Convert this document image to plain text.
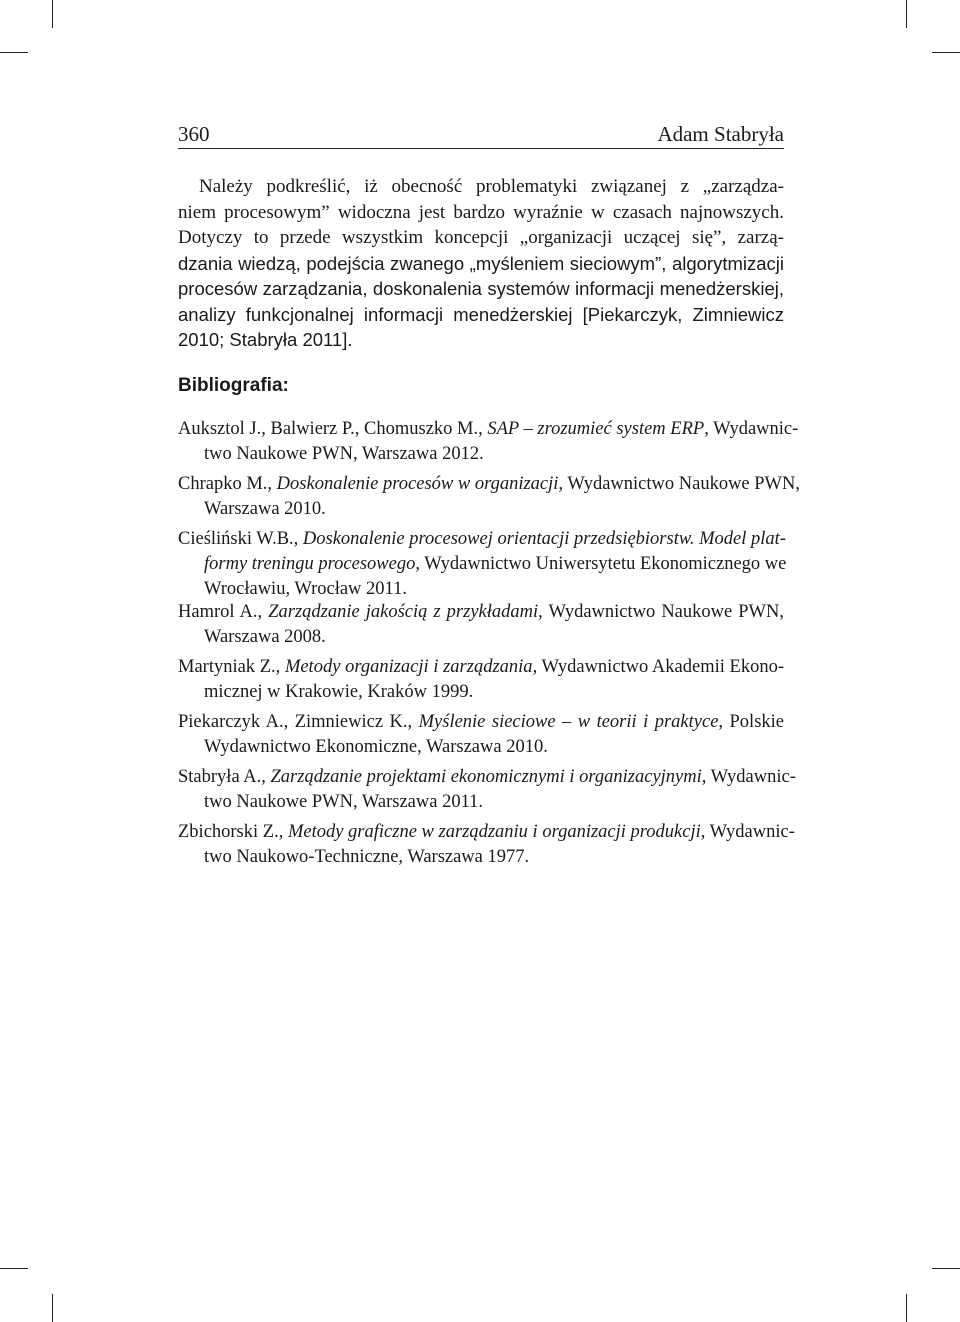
360	Adam Stabryła
Należy podkreślić, iż obecność problematyki związanej z „zarządza-
niem procesowym” widoczna jest bardzo wyraźnie w czasach najnowszych.
Dotyczy to przede wszystkim koncepcji „organizacji uczącej się”, zarzą-
dzania wiedzą, podejścia zwanego „myśleniem sieciowym”, algorytmizacji
procesów zarządzania, doskonalenia systemów informacji menedżerskiej,
analizy funkcjonalnej informacji menedżerskiej [Piekarczyk, Zimniewicz
2010; Stabryła 2011].
Bibliografia:
Auksztol J., Balwierz P., Chomuszko M., SAP – zrozumieć system ERP, Wydawnic-
two Naukowe PWN, Warszawa 2012.
Chrapko M., Doskonalenie procesów w organizacji, Wydawnictwo Naukowe PWN,
Warszawa 2010.
Cieśliński W.B., Doskonalenie procesowej orientacji przedsiębiorstw. Model plat-
formy treningu procesowego, Wydawnictwo Uniwersytetu Ekonomicznego we
Wrocławiu, Wrocław 2011.
Hamrol A., Zarządzanie jakością z przykładami, Wydawnictwo Naukowe PWN,
Warszawa 2008.
Martyniak Z., Metody organizacji i zarządzania, Wydawnictwo Akademii Ekono-
micznej w Krakowie, Kraków 1999.
Piekarczyk A., Zimniewicz K., Myślenie sieciowe – w teorii i praktyce, Polskie
Wydawnictwo Ekonomiczne, Warszawa 2010.
Stabryła A., Zarządzanie projektami ekonomicznymi i organizacyjnymi, Wydawnic-
two Naukowe PWN, Warszawa 2011.
Zbichorski Z., Metody graficzne w zarządzaniu i organizacji produkcji, Wydawnic-
two Naukowo-Techniczne, Warszawa 1977.
